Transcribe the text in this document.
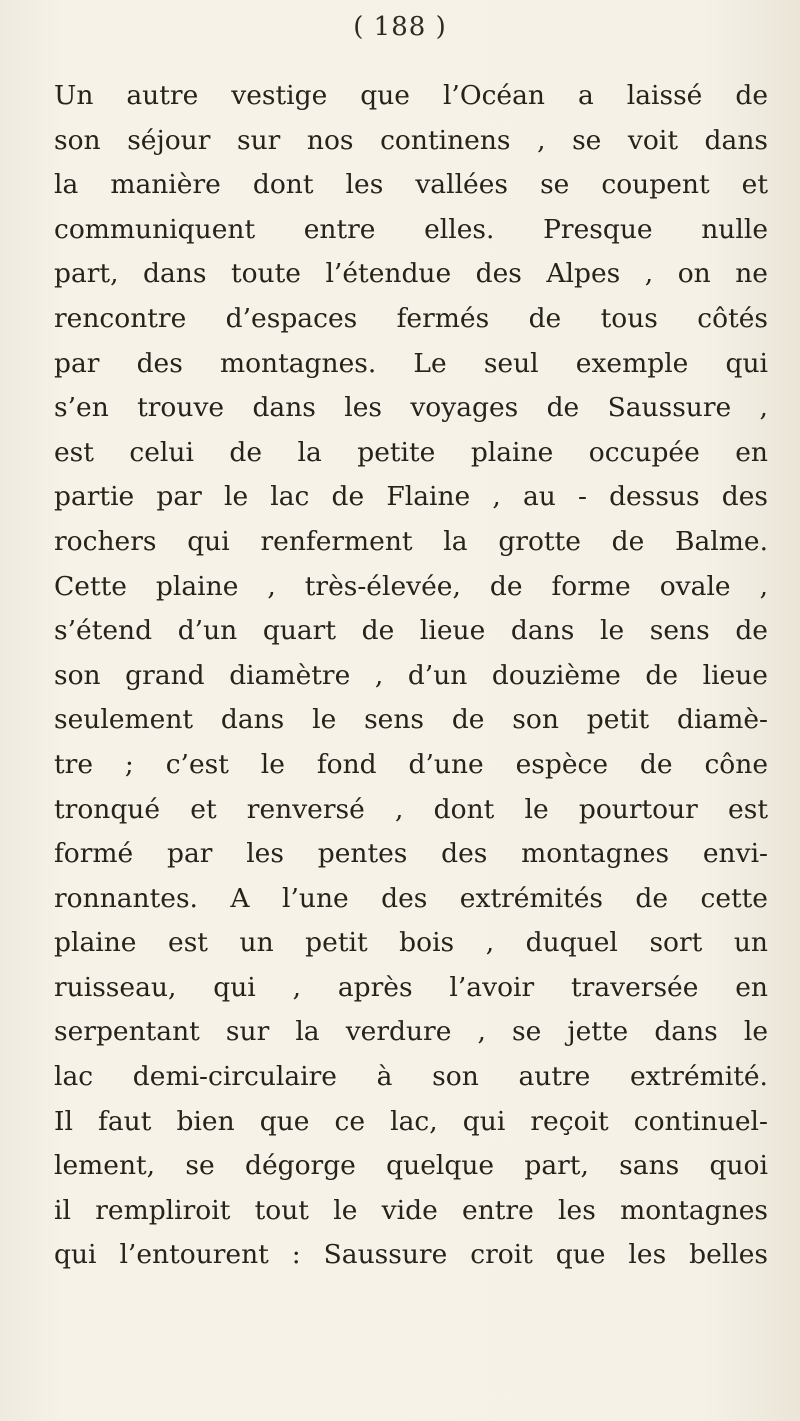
( 188 )
Un autre vestige que l’Océan a laissé de
son séjour sur nos continens , se voit dans
la manière dont les vallées se coupent et
communiquent entre elles. Presque nulle
part, dans toute l’étendue des Alpes , on ne
rencontre d’espaces fermés de tous côtés
par des montagnes. Le seul exemple qui
s’en trouve dans les voyages de Saussure ,
est celui de la petite plaine occupée en
partie par le lac de Flaine , au - dessus des
rochers qui renferment la grotte de Balme.
Cette plaine , très-élevée, de forme ovale ,
s’étend d’un quart de lieue dans le sens de
son grand diamètre , d’un douzième de lieue
seulement dans le sens de son petit diamè-
tre ; c’est le fond d’une espèce de cône
tronqué et renversé , dont le pourtour est
formé par les pentes des montagnes envi-
ronnantes. A l’une des extrémités de cette
plaine est un petit bois , duquel sort un
ruisseau, qui , après l’avoir traversée en
serpentant sur la verdure , se jette dans le
lac demi-circulaire à son autre extrémité.
Il faut bien que ce lac, qui reçoit continuel-
lement, se dégorge quelque part, sans quoi
il rempliroit tout le vide entre les montagnes
qui l’entourent : Saussure croit que les belles
